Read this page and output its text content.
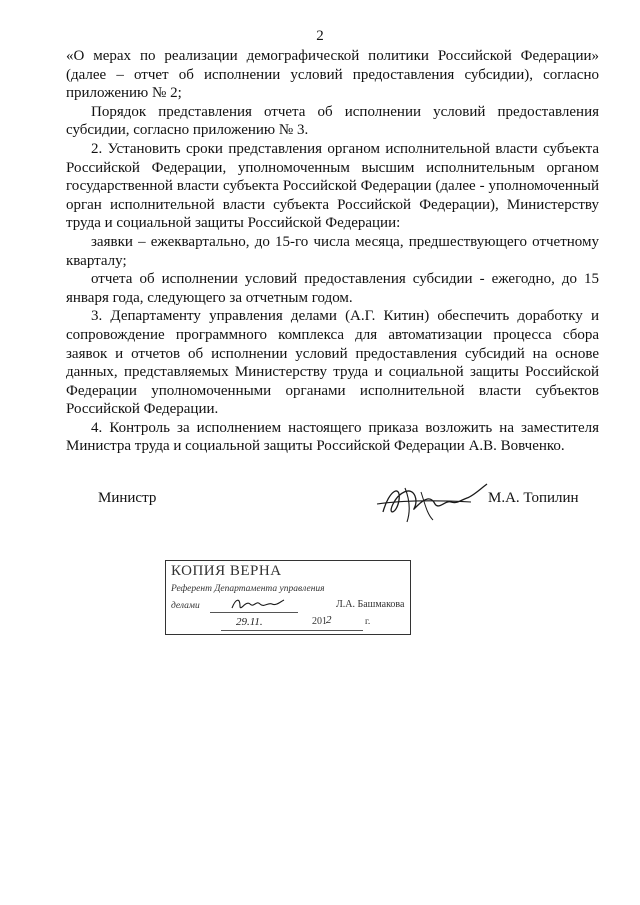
2

«О мерах по реализации демографической политики Российской Федерации» (далее – отчет об исполнении условий предоставления субсидии), согласно приложению № 2;

Порядок представления отчета об исполнении условий предоставления субсидии, согласно приложению № 3.

2. Установить сроки представления органом исполнительной власти субъекта Российской Федерации, уполномоченным высшим исполнительным органом государственной власти субъекта Российской Федерации (далее - уполномоченный орган исполнительной власти субъекта Российской Федерации), Министерству труда и социальной защиты Российской Федерации:

заявки – ежеквартально, до 15-го числа месяца, предшествующего отчетному кварталу;

отчета об исполнении условий предоставления субсидии - ежегодно, до 15 января года, следующего за отчетным годом.

3. Департаменту управления делами (А.Г. Китин) обеспечить доработку и сопровождение программного комплекса для автоматизации процесса сбора заявок и отчетов об исполнении условий предоставления субсидий на основе данных, представляемых Министерству труда и социальной защиты Российской Федерации уполномоченными органами исполнительной власти субъектов Российской Федерации.

4. Контроль за исполнением настоящего приказа возложить на заместителя Министра труда и социальной защиты Российской Федерации А.В. Вовченко.

Министр	М.А. Топилин
КОПИЯ ВЕРНА
Референт Департамента управления
делами	Л.А. Башмакова
29.11.	201 2	г.
